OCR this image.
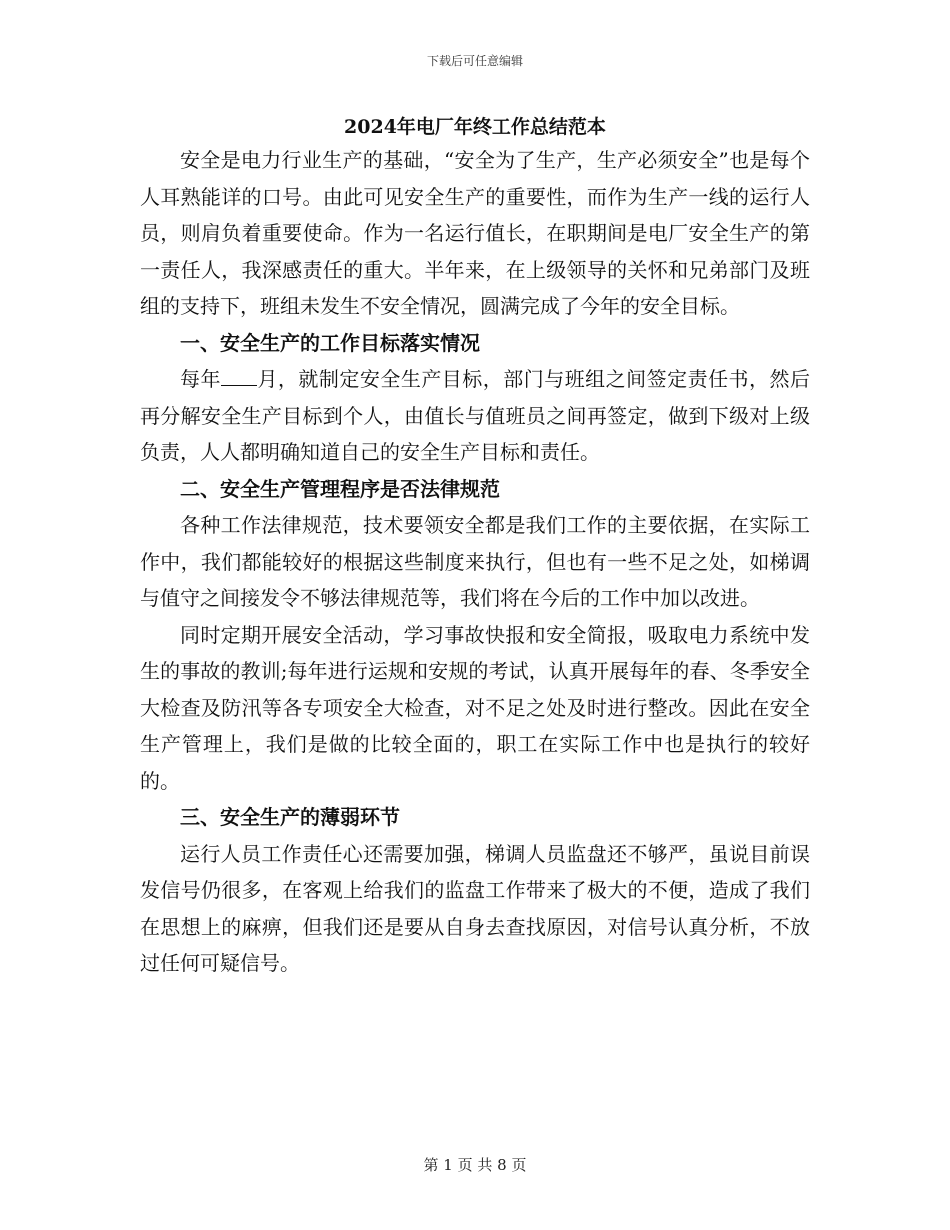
下载后可任意编辑
2024年电厂年终工作总结范本

安全是电力行业生产的基础，“安全为了生产，生产必须安全”也是每个人耳熟能详的口号。由此可见安全生产的重要性，而作为生产一线的运行人员，则肩负着重要使命。作为一名运行值长，在职期间是电厂安全生产的第一责任人，我深感责任的重大。半年来，在上级领导的关怀和兄弟部门及班组的支持下，班组未发生不安全情况，圆满完成了今年的安全目标。

一、安全生产的工作目标落实情况

每年 月，就制定安全生产目标，部门与班组之间签定责任书，然后再分解安全生产目标到个人，由值长与值班员之间再签定，做到下级对上级负责，人人都明确知道自己的安全生产目标和责任。

二、安全生产管理程序是否法律规范

各种工作法律规范，技术要领安全都是我们工作的主要依据，在实际工作中，我们都能较好的根据这些制度来执行，但也有一些不足之处，如梯调与值守之间接发令不够法律规范等，我们将在今后的工作中加以改进。

同时定期开展安全活动，学习事故快报和安全简报，吸取电力系统中发生的事故的教训;每年进行运规和安规的考试，认真开展每年的春、冬季安全大检查及防汛等各专项安全大检查，对不足之处及时进行整改。因此在安全生产管理上，我们是做的比较全面的，职工在实际工作中也是执行的较好的。

三、安全生产的薄弱环节

运行人员工作责任心还需要加强，梯调人员监盘还不够严，虽说目前误发信号仍很多，在客观上给我们的监盘工作带来了极大的不便，造成了我们在思想上的麻痹，但我们还是要从自身去查找原因，对信号认真分析，不放过任何可疑信号。

第 1 页 共 8 页
